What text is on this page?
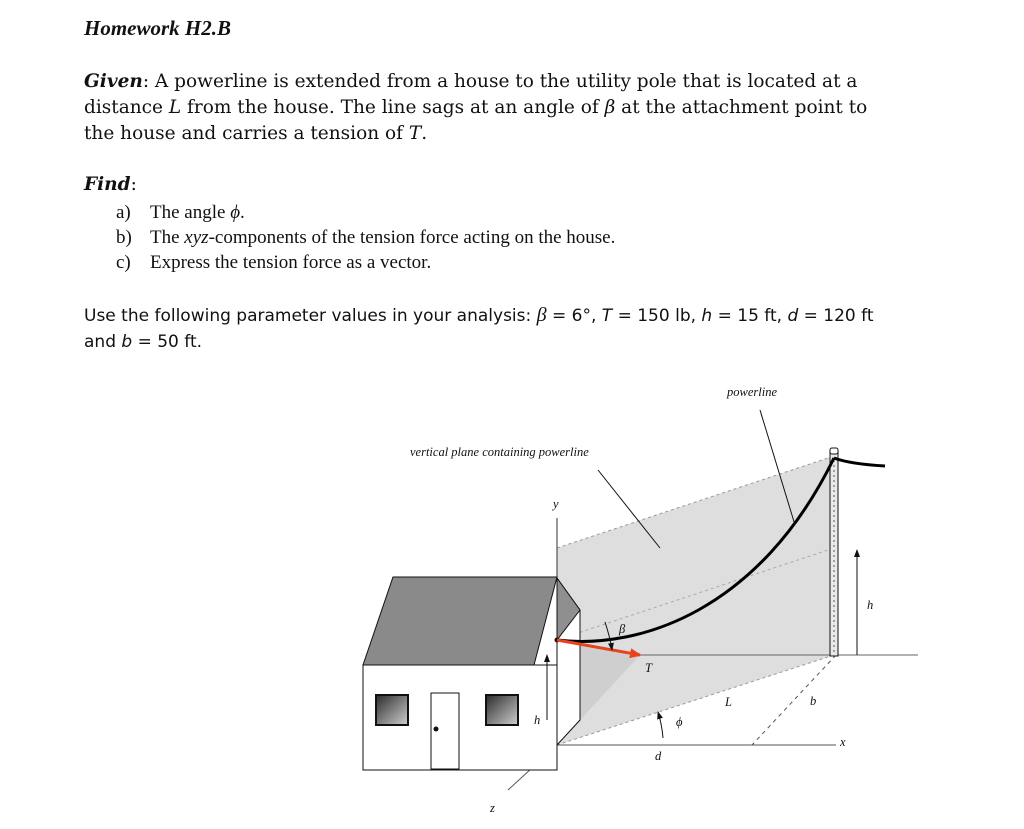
Homework H2.B

Given: A powerline is extended from a house to the utility pole that is located at a distance L from the house. The line sags at an angle of β at the attachment point to the house and carries a tension of T.

Find:

a) The angle ϕ.
b) The xyz-components of the tension force acting on the house.
c) Express the tension force as a vector.

Use the following parameter values in your analysis: β = 6°, T = 150 lb, h = 15 ft, d = 120 ft and b = 50 ft.

powerline
vertical plane containing powerline
y
x
z
β
T
L	b
h
h	ϕ
d
